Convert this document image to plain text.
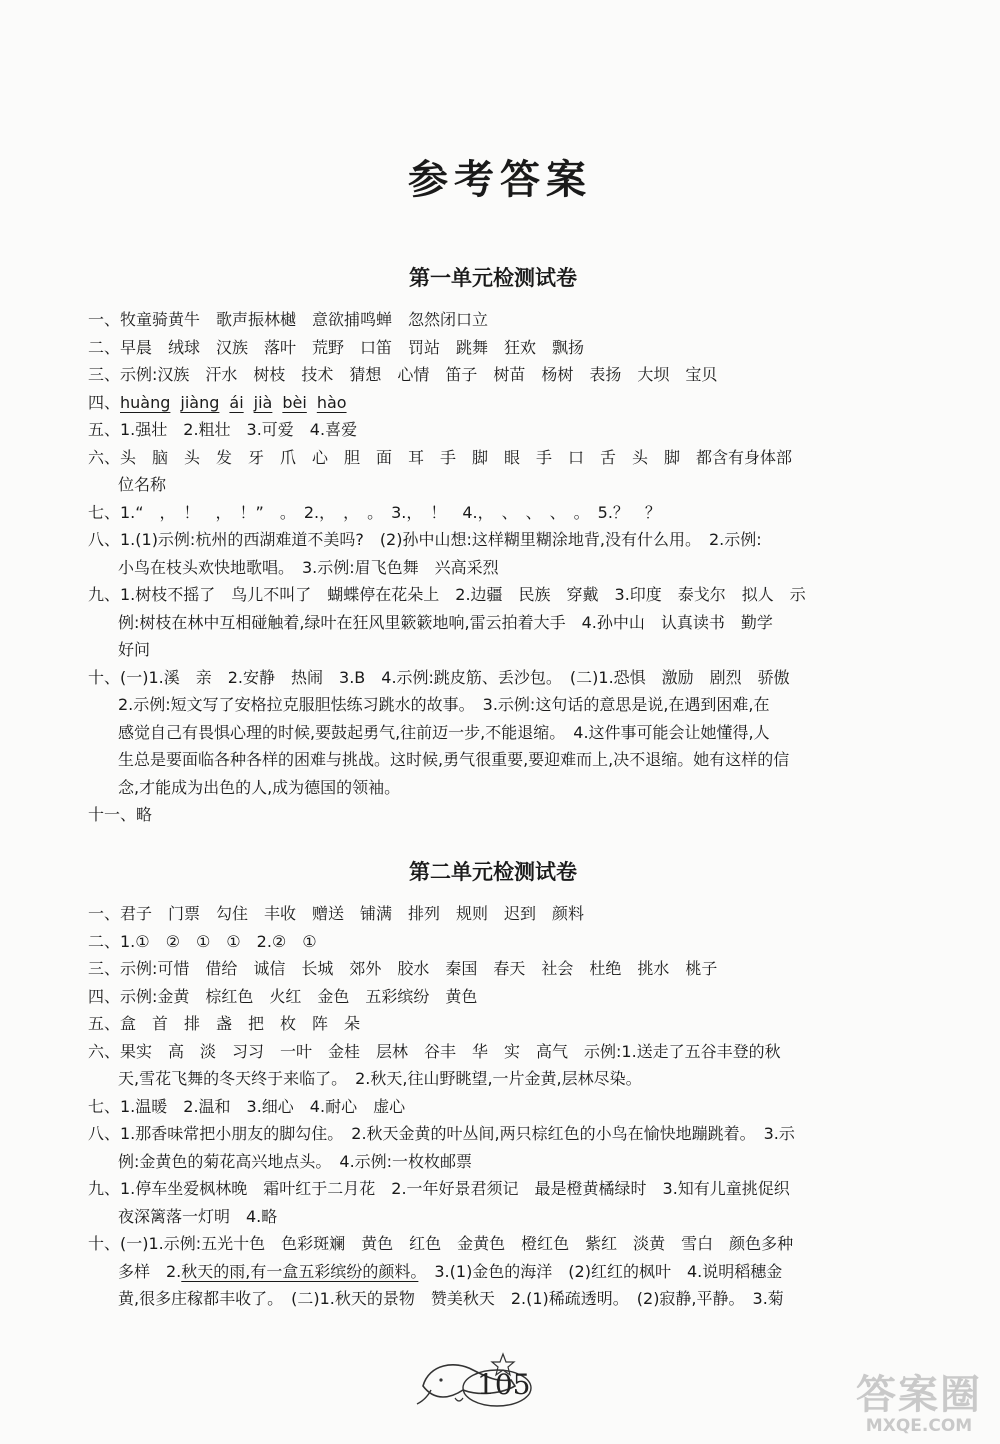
参考答案
第一单元检测试卷
一、牧童骑黄牛　歌声振林樾　意欲捕鸣蝉　忽然闭口立
二、早晨　绒球　汉族　落叶　荒野　口笛　罚站　跳舞　狂欢　飘扬
三、示例:汉族　汗水　树枝　技术　猜想　心情　笛子　树苗　杨树　表扬　大坝　宝贝
四、huàng jiàng ái jià bèi hào
五、1.强壮　2.粗壮　3.可爱　4.喜爱
六、头　脑　头　发　牙　爪　心　胆　面　耳　手　脚　眼　手　口　舌　头　脚　都含有身体部
位名称
七、1.“　，　！　，　！”　。　2.，　，　。　3.，　！　4.，　、　、　、　。　5.？　？
八、1.(1)示例:杭州的西湖难道不美吗?　(2)孙中山想:这样糊里糊涂地背,没有什么用。　2.示例:
小鸟在枝头欢快地歌唱。　3.示例:眉飞色舞　兴高采烈
九、1.树枝不摇了　鸟儿不叫了　蝴蝶停在花朵上　2.边疆　民族　穿戴　3.印度　泰戈尔　拟人　示
例:树枝在林中互相碰触着,绿叶在狂风里簌簌地响,雷云拍着大手　4.孙中山　认真读书　勤学
好问
十、(一)1.溪　亲　2.安静　热闹　3.B　4.示例:跳皮筋、丢沙包。　(二)1.恐惧　激励　剧烈　骄傲
2.示例:短文写了安格拉克服胆怯练习跳水的故事。　3.示例:这句话的意思是说,在遇到困难,在
感觉自己有畏惧心理的时候,要鼓起勇气,往前迈一步,不能退缩。　4.这件事可能会让她懂得,人
生总是要面临各种各样的困难与挑战。这时候,勇气很重要,要迎难而上,决不退缩。她有这样的信
念,才能成为出色的人,成为德国的领袖。
十一、略
第二单元检测试卷
一、君子　门票　勾住　丰收　赠送　铺满　排列　规则　迟到　颜料
二、1.①　②　①　①　2.②　①
三、示例:可惜　借给　诚信　长城　郊外　胶水　秦国　春天　社会　杜绝　挑水　桃子
四、示例:金黄　棕红色　火红　金色　五彩缤纷　黄色
五、盒　首　排　盏　把　枚　阵　朵
六、果实　高　淡　习习　一叶　金桂　层林　谷丰　华　实　高气　示例:1.送走了五谷丰登的秋
天,雪花飞舞的冬天终于来临了。　2.秋天,往山野眺望,一片金黄,层林尽染。
七、1.温暖　2.温和　3.细心　4.耐心　虚心
八、1.那香味常把小朋友的脚勾住。　2.秋天金黄的叶丛间,两只棕红色的小鸟在愉快地蹦跳着。　3.示
例:金黄色的菊花高兴地点头。　4.示例:一枚枚邮票
九、1.停车坐爱枫林晚　霜叶红于二月花　2.一年好景君须记　最是橙黄橘绿时　3.知有儿童挑促织
夜深篱落一灯明　4.略
十、(一)1.示例:五光十色　色彩斑斓　黄色　红色　金黄色　橙红色　紫红　淡黄　雪白　颜色多种
多样　2.秋天的雨,有一盒五彩缤纷的颜料。　3.(1)金色的海洋　(2)红红的枫叶　4.说明稻穗金
黄,很多庄稼都丰收了。　(二)1.秋天的景物　赞美秋天　2.(1)稀疏透明。　(2)寂静,平静。　3.菊
105	答案圈
MXQE.COM
